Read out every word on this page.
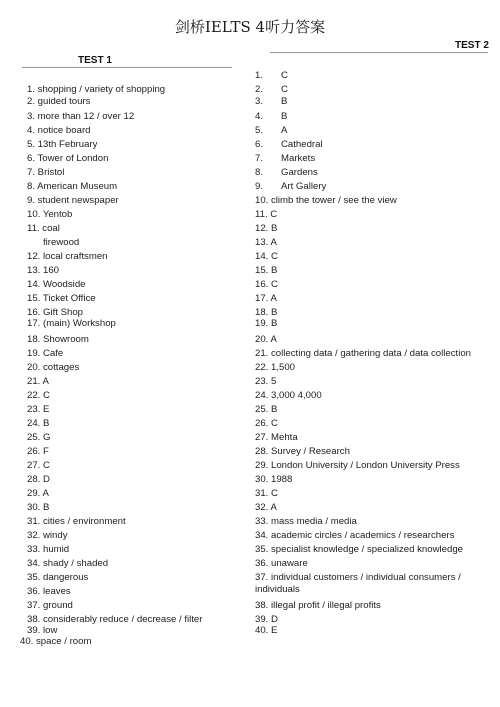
剑桥IELTS 4听力答案
TEST 1
TEST 2
1. shopping / variety of shopping
2. guided tours
3. more than 12 / over 12
4. notice board
5. 13th February
6. Tower of London
7. Bristol
8. American Museum
9. student newspaper
10. Yentob
11. coal
firewood
12. local craftsmen
13. 160
14. Woodside
15. Ticket Office
16. Gift Shop
17. (main) Workshop
18. Showroom
19. Cafe
20. cottages
21. A
22. C
23. E
24. B
25. G
26. F
27. C
28. D
29. A
30. B
31. cities / environment
32. windy
33. humid
34. shady / shaded
35. dangerous
36. leaves
37. ground
38. considerably reduce / decrease / filter
39. low
40. space / room
1. C
2. C
3. B
4. B
5. A
6. Cathedral
7. Markets
8. Gardens
9. Art Gallery
10. climb the tower / see the view
11. C
12. B
13. A
14. C
15. B
16. C
17. A
18. B
19. B
20. A
21. collecting data / gathering data / data collection
22. 1,500
23. 5
24. 3,000 4,000
25. B
26. C
27. Mehta
28. Survey / Research
29. London University / London University Press
30. 1988
31. C
32. A
33. mass media / media
34. academic circles / academics / researchers
35. specialist knowledge / specialized knowledge
36. unaware
37. individual customers / individual consumers /
individuals
38. illegal profit / illegal profits
39. D
40. E
